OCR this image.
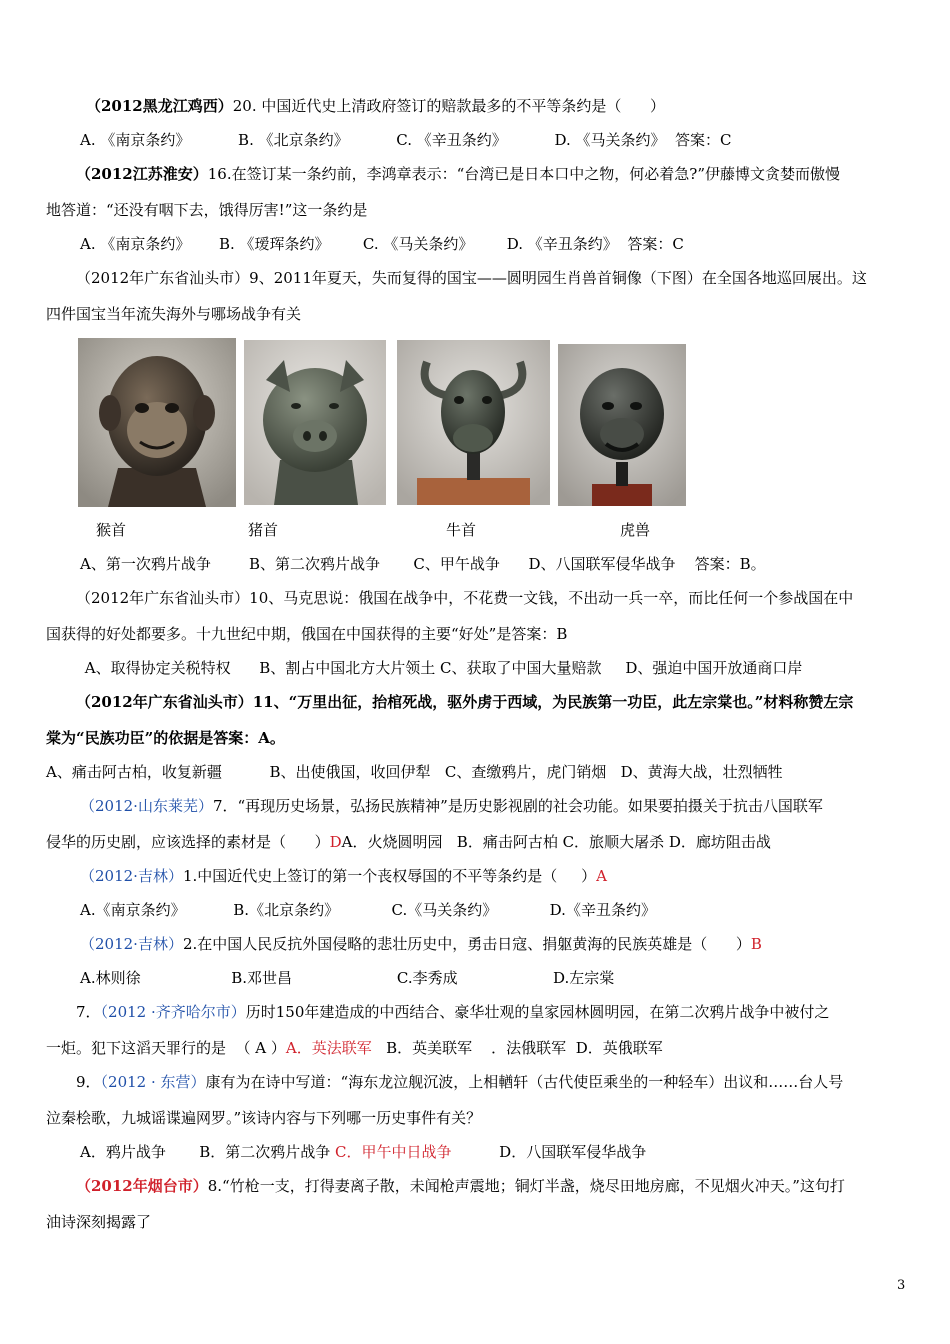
（2012黑龙江鸡西）20. 中国近代史上清政府签订的赔款最多的不平等条约是（      ）
A. 《南京条约》          B. 《北京条约》          C. 《辛丑条约》          D. 《马关条约》  答案：C
（2012江苏淮安）16.在签订某一条约前，李鸿章表示：“台湾已是日本口中之物，何必着急?”伊藤博文贪婪而傲慢
地答道：“还没有咽下去，饿得厉害!”这一条约是
A. 《南京条约》      B. 《瑷珲条约》       C. 《马关条约》       D. 《辛丑条约》  答案：C
（2012年广东省汕头市）9、2011年夏天，失而复得的国宝——圆明园生肖兽首铜像（下图）在全国各地巡回展出。这
四件国宝当年流失海外与哪场战争有关
猴首	猪首	牛首	虎兽
A、第一次鸦片战争        B、第二次鸦片战争       C、甲午战争      D、八国联军侵华战争    答案：B。
（2012年广东省汕头市）10、马克思说：俄国在战争中，不花费一文钱，不出动一兵一卒，而比任何一个参战国在中
国获得的好处都要多。十九世纪中期，俄国在中国获得的主要“好处”是答案：B
A、取得协定关税特权      B、割占中国北方大片领土 C、获取了中国大量赔款     D、强迫中国开放通商口岸
（2012年广东省汕头市）11、“万里出征，抬棺死战，驱外虏于西域，为民族第一功臣，此左宗棠也。”材料称赞左宗
棠为“民族功臣”的依据是答案：A。
A、痛击阿古柏，收复新疆          B、出使俄国，收回伊犁   C、查缴鸦片，虎门销烟   D、黄海大战，壮烈牺牲
（2012·山东莱芜）7．“再现历史场景，弘扬民族精神”是历史影视剧的社会功能。如果要拍摄关于抗击八国联军
侵华的历史剧，应该选择的素材是（      ）DA．火烧圆明园   B．痛击阿古柏 C．旅顺大屠杀 D．廊坊阻击战
（2012·吉林）1.中国近代史上签订的第一个丧权辱国的不平等条约是（     ）A
A.《南京条约》          B.《北京条约》           C.《马关条约》           D.《辛丑条约》
（2012·吉林）2.在中国人民反抗外国侵略的悲壮历史中，勇击日寇、捐躯黄海的民族英雄是（      ）B
A.林则徐                   B.邓世昌                      C.李秀成                    D.左宗棠
7．（2012 ·齐齐哈尔市）历时150年建造成的中西结合、豪华壮观的皇家园林圆明园，在第二次鸦片战争中被付之
一炬。犯下这滔天罪行的是  （ A ）A．英法联军   B．英美联军    ．法俄联军  D．英俄联军
9．（2012 · 东营）康有为在诗中写道：“海东龙泣舰沉波，上相輶轩（古代使臣乘坐的一种轻车）出议和……台人号
泣秦桧歌，九城谣谍遍网罗。”该诗内容与下列哪一历史事件有关？
A．鸦片战争       B．第二次鸦片战争 C．甲午中日战争          D．八国联军侵华战争
（2012年烟台市）8.“竹枪一支，打得妻离子散，未闻枪声震地；铜灯半盏，烧尽田地房廊，不见烟火冲天。”这句打
油诗深刻揭露了
3
